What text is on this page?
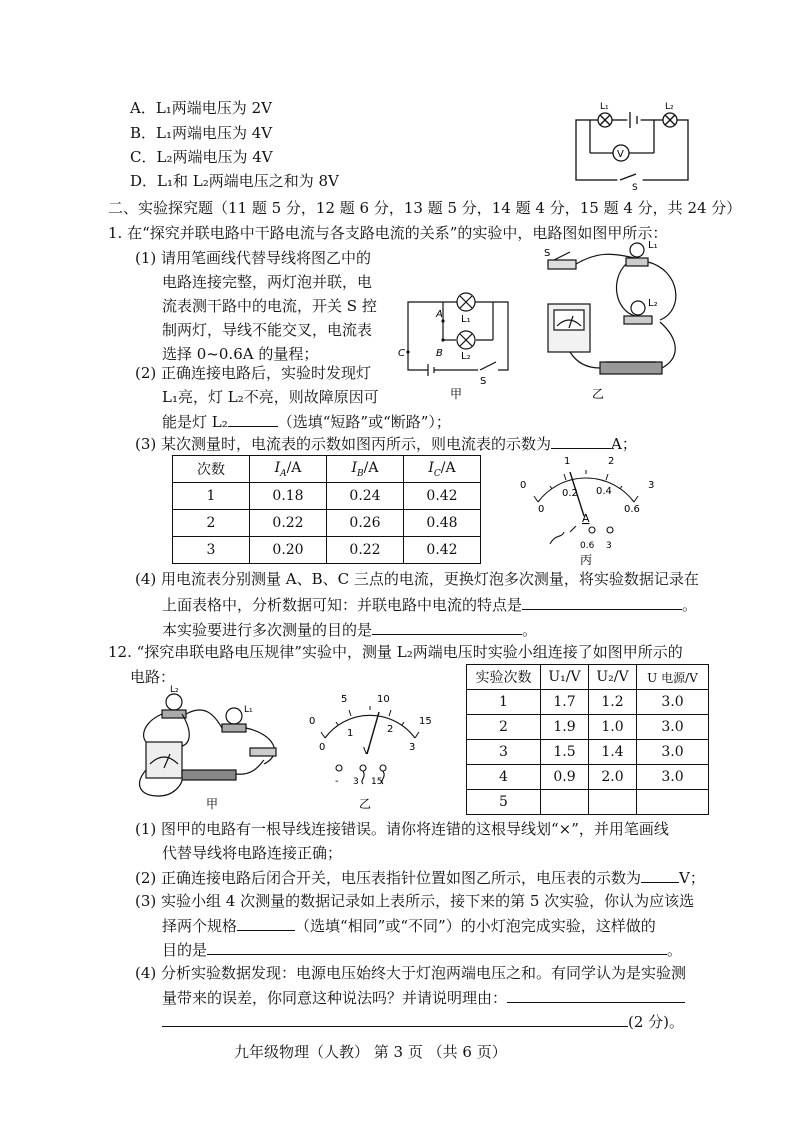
A．L₁两端电压为 2V
B．L₁两端电压为 4V
C．L₂两端电压为 4V
D．L₁和 L₂两端电压之和为 8V
L₁	L₂
V
S
二、实验探究题（11 题 5 分，12 题 6 分，13 题 5 分，14 题 4 分，15 题 4 分，共 24 分）
1. 在“探究并联电路中干路电流与各支路电流的关系”的实验中，电路图如图甲所示：
(1) 请用笔画线代替导线将图乙中的
电路连接完整，两灯泡并联，电
流表测干路中的电流，开关 S 控
制两灯，导线不能交叉，电流表
选择 0~0.6A 的量程；
(2) 正确连接电路后，实验时发现灯
L₁亮，灯 L₂不亮，则故障原因可
能是灯 L₂	（选填“短路”或“断路”）；
A
B
C
L₁
L₂
S
甲
S
L₁
L₂
乙
(3) 某次测量时，电流表的示数如图丙所示，则电流表的示数为	A；
次数	$I_A/A$	$I_B/A$	$I_C/A$
1	0.18	0.24	0.42
2	0.22	0.26	0.48
3	0.20	0.22	0.42
0
1	2
3
0
0.2 0.4
0.6
A
0.6 3
丙
(4) 用电流表分别测量 A、B、C 三点的电流，更换灯泡多次测量，将实验数据记录在
上面表格中，分析数据可知：并联电路中电流的特点是	。
本实验要进行多次测量的目的是	。
12. “探究串联电路电压规律”实验中，测量 L₂两端电压时实验小组连接了如图甲所示的
电路：	实验次数	U₁/V	U₂/V	U 电源/V
1	1.7	1.2	3.0
2	1.9	1.0	3.0
3	1.5	1.4	3.0
4	0.9	2.0	3.0
5			
L₂
L₁
甲
5	10
15
0
0
1	2
3
V
- 3 15
乙
(1) 图甲的电路有一根导线连接错误。请你将连错的这根导线划“×”，并用笔画线
代替导线将电路连接正确；
(2) 正确连接电路后闭合开关，电压表指针位置如图乙所示，电压表的示数为	V；
(3) 实验小组 4 次测量的数据记录如上表所示，接下来的第 5 次实验，你认为应该选
择两个规格	（选填“相同”或“不同”）的小灯泡完成实验，这样做的
目的是	。
(4) 分析实验数据发现：电源电压始终大于灯泡两端电压之和。有同学认为是实验测
量带来的误差，你同意这种说法吗？并请说明理由：
(2 分)。
九年级物理（人教） 第 3 页 （共 6 页）
